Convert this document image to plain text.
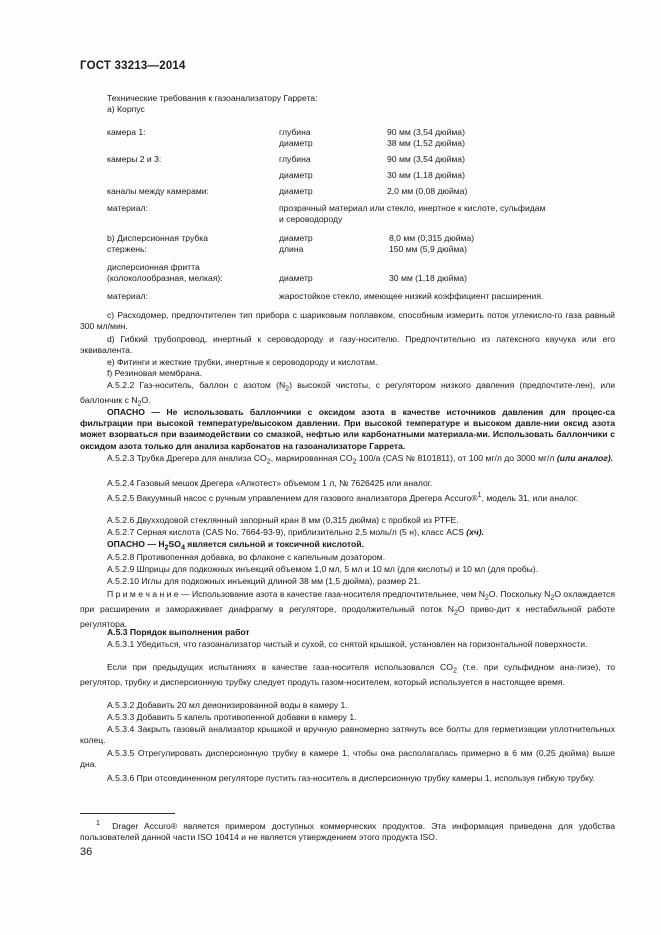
ГОСТ 33213—2014
Технические требования к газоанализатору Гаррета:
а) Корпус
камера 1:	глубина	90 мм (3,54 дюйма)
диаметр	38 мм (1,52 дюйма)
камеры 2 и 3:	глубина	90 мм (3,54 дюйма)
диаметр	30 мм (1,18 дюйма)
каналы между камерами:	диаметр	2,0 мм (0,08 дюйма)
материал:	прозрачный материал или стекло, инертное к кислоте, сульфидам
и сероводороду
b) Дисперсионная трубка	диаметр	8,0 мм (0,315 дюйма)
стержень:	длина	150 мм (5,9 дюйма)
дисперсионная фритта
(колоколообразная, мелкая):	диаметр	30 мм (1,18 дюйма)
материал:	жаростойкое стекло, имеющее низкий коэффициент расширения.
с) Расходомер, предпочтителен тип прибора с шариковым поплавком, способным измерить поток углекисло-го газа равный 300 мл/мин.
d) Гибкий трубопровод, инертный к сероводороду и газу-носителю. Предпочтительно из латексного каучука или его эквивалента.
е) Фитинги и жесткие трубки, инертные к сероводороду и кислотам.
f) Резиновая мембрана.
А.5.2.2 Газ-носитель, баллон с азотом $(N_2)$ высокой чистоты, с регулятором низкого давления (предпочтите-лен), или баллончик с $N_2O$.
ОПАСНО — Не использовать баллончики с оксидом азота в качестве источников давления для процес-са фильтрации при высокой температуре/высоком давлении. При высокой температуре и высоком давле-нии оксид азота может взорваться при взаимодействии со смазкой, нефтью или карбонатными материала-ми. Использовать баллончики с оксидом азота только для анализа карбонатов на газоанализаторе Гаррета.
А.5.2.3 Трубка Дрегера для анализа $CO_2$, маркированная $CO_2$ 100/а (CAS № 8101811), от 100 мг/л до 3000 мг/л (или аналог).
А.5.2.4 Газовый мешок Дрегера «Алкотест» объемом 1 л, № 7626425 или аналог.
А.5.2.5 Вакуумный насос с ручным управлением для газового анализатора Дрегера Accuro®$^1$, модель 31, или аналог.
А.5.2.6 Двухходовой стеклянный запорный кран 8 мм (0,315 дюйма) с пробкой из PTFE.
А.5.2.7 Серная кислота (CAS No. 7664-93-9), приблизительно 2,5 моль/л (5 н), класс ACS (хч).
ОПАСНО — $H_2SO_4$ является сильной и токсичной кислотой.
А.5.2.8 Противопенная добавка, во флаконе с капельным дозатором.
А.5.2.9 Шприцы для подкожных инъекций объемом 1,0 мл, 5 мл и 10 мл (для кислоты) и 10 мл (для пробы).
А.5.2.10 Иглы для подкожных инъекций длиной 38 мм (1,5 дюйма), размер 21.
П р и м е ч а н и е — Использование азота в качестве газа-носителя предпочтительнее, чем $N_2O$. Поскольку $N_2O$ охлаждается при расширении и замораживает диафрагму в регуляторе, продолжительный поток $N_2O$ приво-дит к нестабильной работе регулятора.
А.5.3 Порядок выполнения работ
А.5.3.1 Убедиться, что газоанализатор чистый и сухой, со снятой крышкой, установлен на горизонтальной поверхности.
Если при предыдущих испытаниях в качестве газа-носителя использовался $CO_2$ (т.е. при сульфидном ана-лизе), то регулятор, трубку и дисперсионную трубку следует продуть газом-носителем, который используется в настоящее время.
А.5.3.2 Добавить 20 мл деионизированной воды в камеру 1.
А.5.3.3 Добавить 5 капель противопенной добавки в камеру 1.
А.5.3.4 Закрыть газовый анализатор крышкой и вручную равномерно затянуть все болты для герметизации уплотнительных колец.
А.5.3.5 Отрегулировать дисперсионную трубку в камере 1, чтобы она располагалась примерно в 6 мм (0,25 дюйма) выше дна.
А.5.3.6 При отсоединенном регуляторе пустить газ-носитель в дисперсионную трубку камеры 1, используя гибкую трубку.
$^1$ Drager Accuro® является примером доступных коммерческих продуктов. Эта информация приведена для удобства пользователей данной части ISO 10414 и не является утверждением этого продукта ISO.
36
